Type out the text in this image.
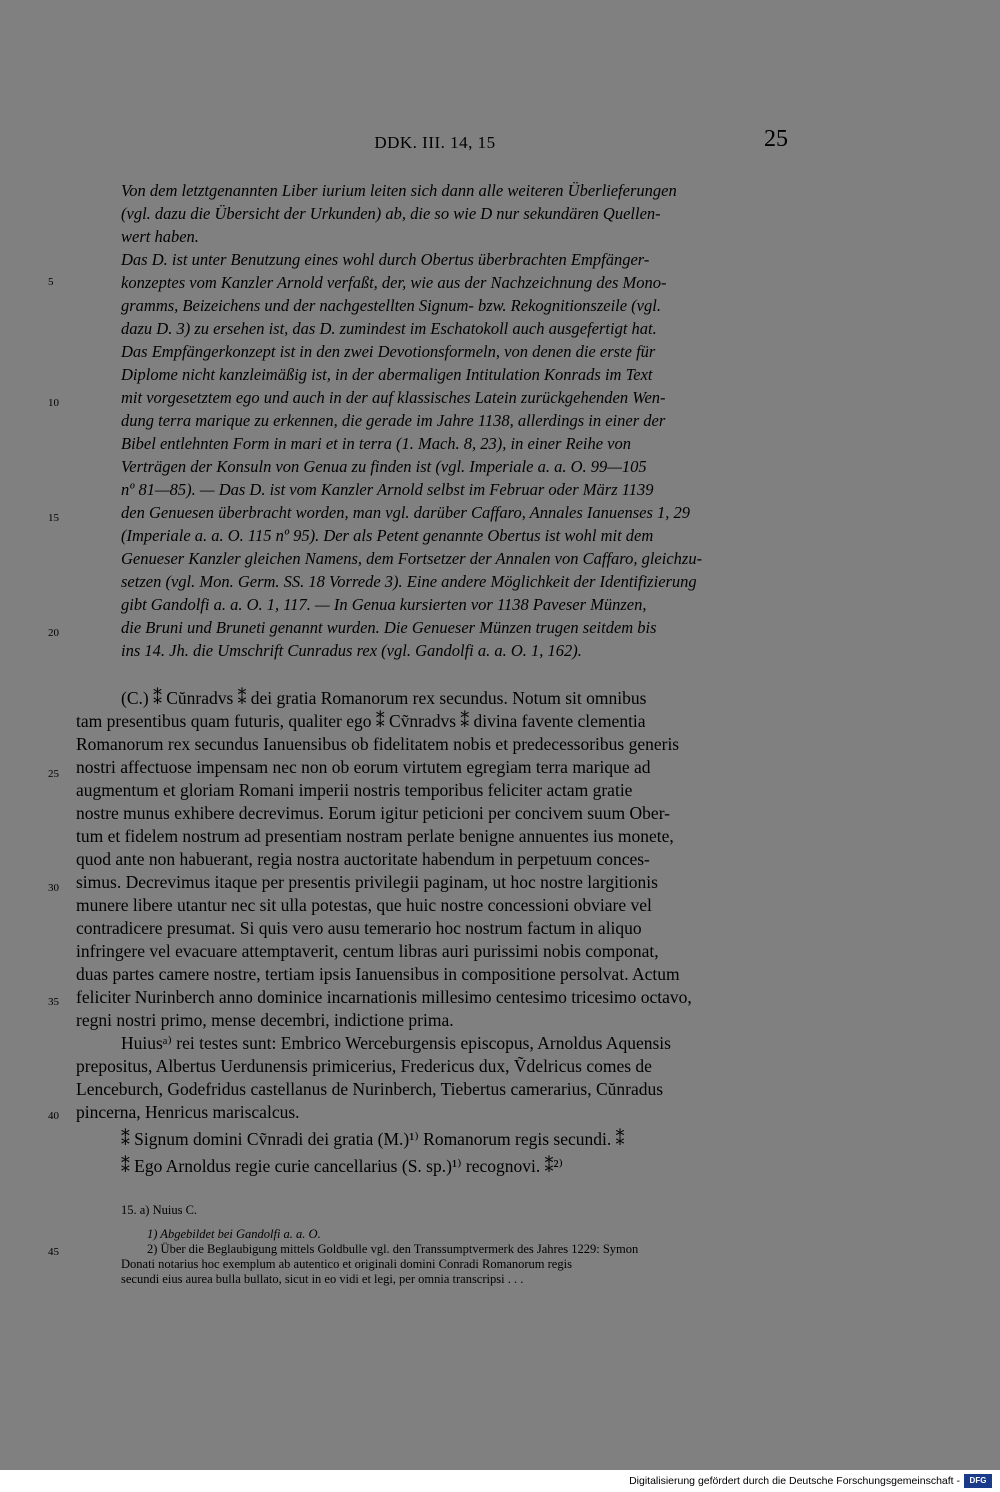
DDK. III. 14, 15	25
5
10
15
20
25
30
35
40
45
Von dem letztgenannten Liber iurium leiten sich dann alle weiteren Überlieferungen
(vgl. dazu die Übersicht der Urkunden) ab, die so wie D nur sekundären Quellen-
wert haben.
Das D. ist unter Benutzung eines wohl durch Obertus überbrachten Empfänger-
konzeptes vom Kanzler Arnold verfaßt, der, wie aus der Nachzeichnung des Mono-
gramms, Beizeichens und der nachgestellten Signum- bzw. Rekognitionszeile (vgl.
dazu D. 3) zu ersehen ist, das D. zumindest im Eschatokoll auch ausgefertigt hat.
Das Empfängerkonzept ist in den zwei Devotionsformeln, von denen die erste für
Diplome nicht kanzleimäßig ist, in der abermaligen Intitulation Konrads im Text
mit vorgesetztem ego und auch in der auf klassisches Latein zurückgehenden Wen-
dung terra marique zu erkennen, die gerade im Jahre 1138, allerdings in einer der
Bibel entlehnten Form in mari et in terra (1. Mach. 8, 23), in einer Reihe von
Verträgen der Konsuln von Genua zu finden ist (vgl. Imperiale a. a. O. 99—105
nº 81—85). — Das D. ist vom Kanzler Arnold selbst im Februar oder März 1139
den Genuesen überbracht worden, man vgl. darüber Caffaro, Annales Ianuenses 1, 29
(Imperiale a. a. O. 115 nº 95). Der als Petent genannte Obertus ist wohl mit dem
Genueser Kanzler gleichen Namens, dem Fortsetzer der Annalen von Caffaro, gleichzu-
setzen (vgl. Mon. Germ. SS. 18 Vorrede 3). Eine andere Möglichkeit der Identifizierung
gibt Gandolfi a. a. O. 1, 117. — In Genua kursierten vor 1138 Paveser Münzen,
die Bruni und Bruneti genannt wurden. Die Genueser Münzen trugen seitdem bis
ins 14. Jh. die Umschrift Cunradus rex (vgl. Gandolfi a. a. O. 1, 162).
(C.) ⁑ Cŭnradvs ⁑ dei gratia Romanorum rex secundus. Notum sit omnibus
tam presentibus quam futuris, qualiter ego ⁑ Cṽnradvs ⁑ divina favente clementia
Romanorum rex secundus Ianuensibus ob fidelitatem nobis et predecessoribus generis
nostri affectuose impensam nec non ob eorum virtutem egregiam terra marique ad
augmentum et gloriam Romani imperii nostris temporibus feliciter actam gratie
nostre munus exhibere decrevimus. Eorum igitur peticioni per concivem suum Ober-
tum et fidelem nostrum ad presentiam nostram perlate benigne annuentes ius monete,
quod ante non habuerant, regia nostra auctoritate habendum in perpetuum conces-
simus. Decrevimus itaque per presentis privilegii paginam, ut hoc nostre largitionis
munere libere utantur nec sit ulla potestas, que huic nostre concessioni obviare vel
contradicere presumat. Si quis vero ausu temerario hoc nostrum factum in aliquo
infringere vel evacuare attemptaverit, centum libras auri purissimi nobis componat,
duas partes camere nostre, tertiam ipsis Ianuensibus in compositione persolvat. Actum
feliciter Nurinberch anno dominice incarnationis millesimo centesimo tricesimo octavo,
regni nostri primo, mense decembri, indictione prima.
Huiusᵃ⁾ rei testes sunt: Embrico Werceburgensis episcopus, Arnoldus Aquensis
prepositus, Albertus Uerdunensis primicerius, Fredericus dux, Ṽdelricus comes de
Lenceburch, Godefridus castellanus de Nurinberch, Tiebertus camerarius, Cŭnradus
pincerna, Henricus mariscalcus.
⁑ Signum domini Cṽnradi dei gratia (M.)¹⁾ Romanorum regis secundi. ⁑
⁑ Ego Arnoldus regie curie cancellarius (S. sp.)¹⁾ recognovi. ⁑²⁾
15. a) Nuius C.
1) Abgebildet bei Gandolfi a. a. O.
2) Über die Beglaubigung mittels Goldbulle vgl. den Transsumptvermerk des Jahres 1229: Symon
Donati notarius hoc exemplum ab autentico et originali domini Conradi Romanorum regis
secundi eius aurea bulla bullato, sicut in eo vidi et legi, per omnia transcripsi . . .
Digitalisierung gefördert durch die Deutsche Forschungsgemeinschaft -	DFG
